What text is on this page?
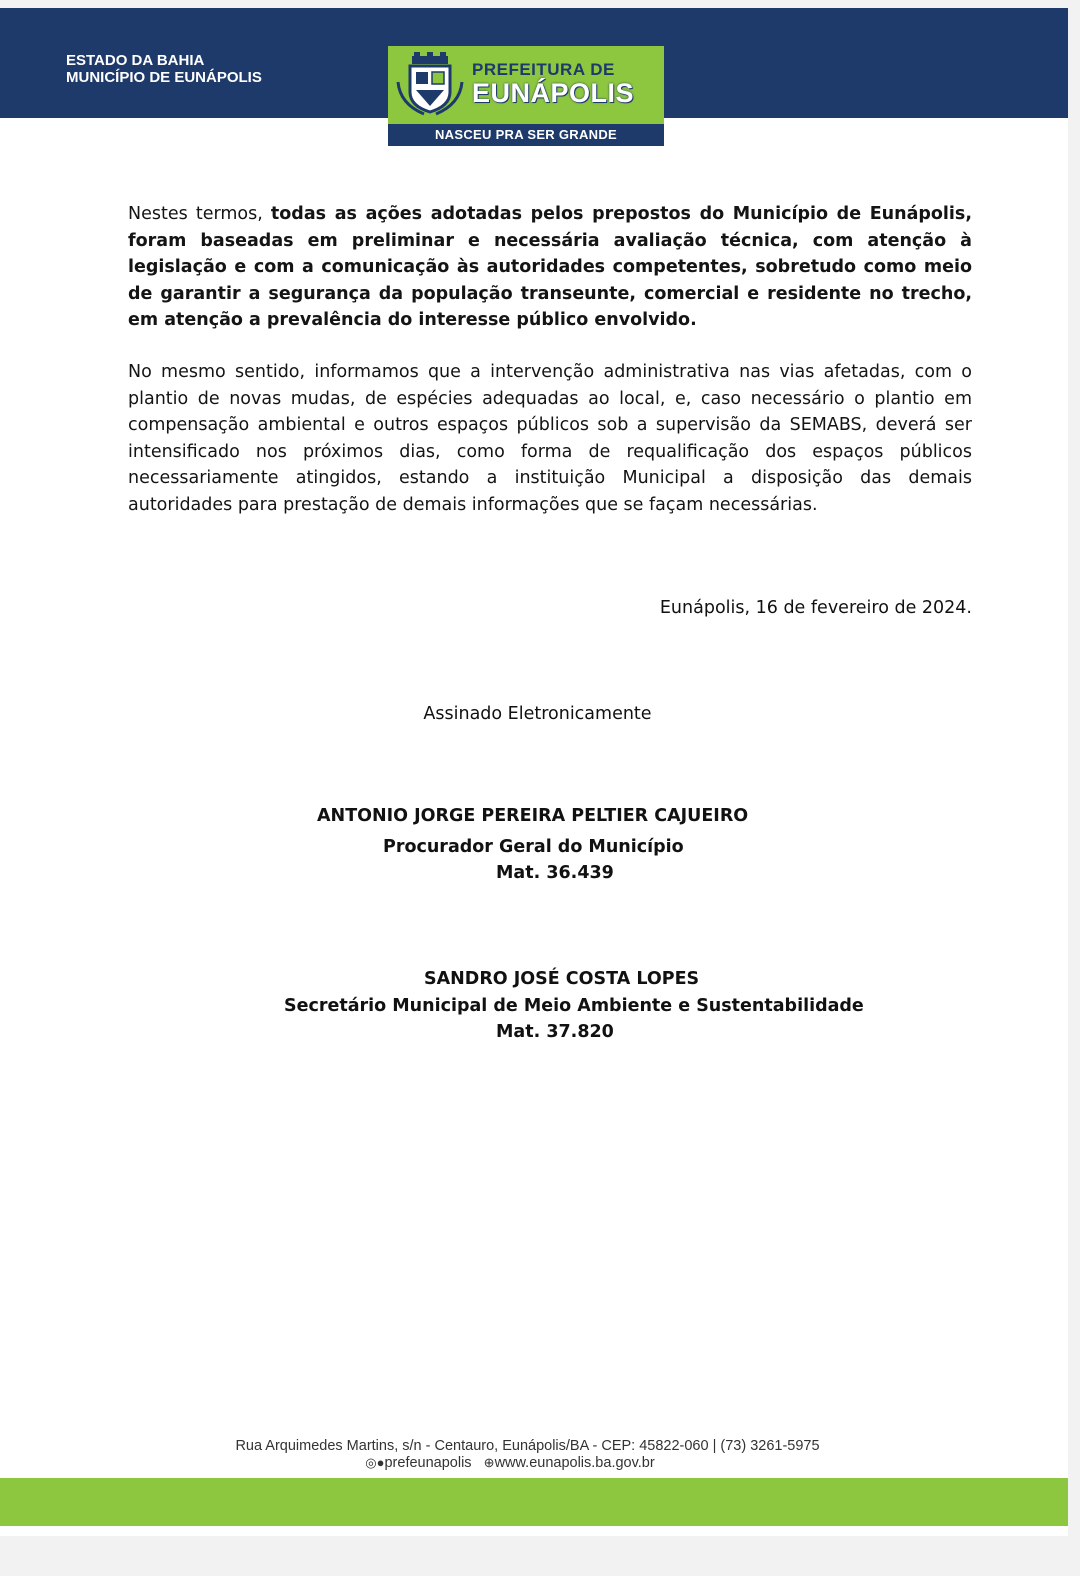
ESTADO DA BAHIA
MUNICÍPIO DE EUNÁPOLIS	PREFEITURA DE
EUNÁPOLIS
NASCEU PRA SER GRANDE

Nestes termos, todas as ações adotadas pelos prepostos do Município de Eunápolis, foram baseadas em preliminar e necessária avaliação técnica, com atenção à legislação e com a comunicação às autoridades competentes, sobretudo como meio de garantir a segurança da população transeunte, comercial e residente no trecho, em atenção a prevalência do interesse público envolvido.

No mesmo sentido, informamos que a intervenção administrativa nas vias afetadas, com o plantio de novas mudas, de espécies adequadas ao local, e, caso necessário o plantio em compensação ambiental e outros espaços públicos sob a supervisão da SEMABS, deverá ser intensificado nos próximos dias, como forma de requalificação dos espaços públicos necessariamente atingidos, estando a instituição Municipal a disposição das demais autoridades para prestação de demais informações que se façam necessárias.

Eunápolis, 16 de fevereiro de 2024.
Assinado Eletronicamente
ANTONIO JORGE PEREIRA PELTIER CAJUEIRO
Procurador Geral do Município
Mat. 36.439
SANDRO JOSÉ COSTA LOPES
Secretário Municipal de Meio Ambiente e Sustentabilidade
Mat. 37.820
Rua Arquimedes Martins, s/n - Centauro, Eunápolis/BA - CEP: 45822-060 | (73) 3261-5975
◎●prefeunapolis ⊕www.eunapolis.ba.gov.br
